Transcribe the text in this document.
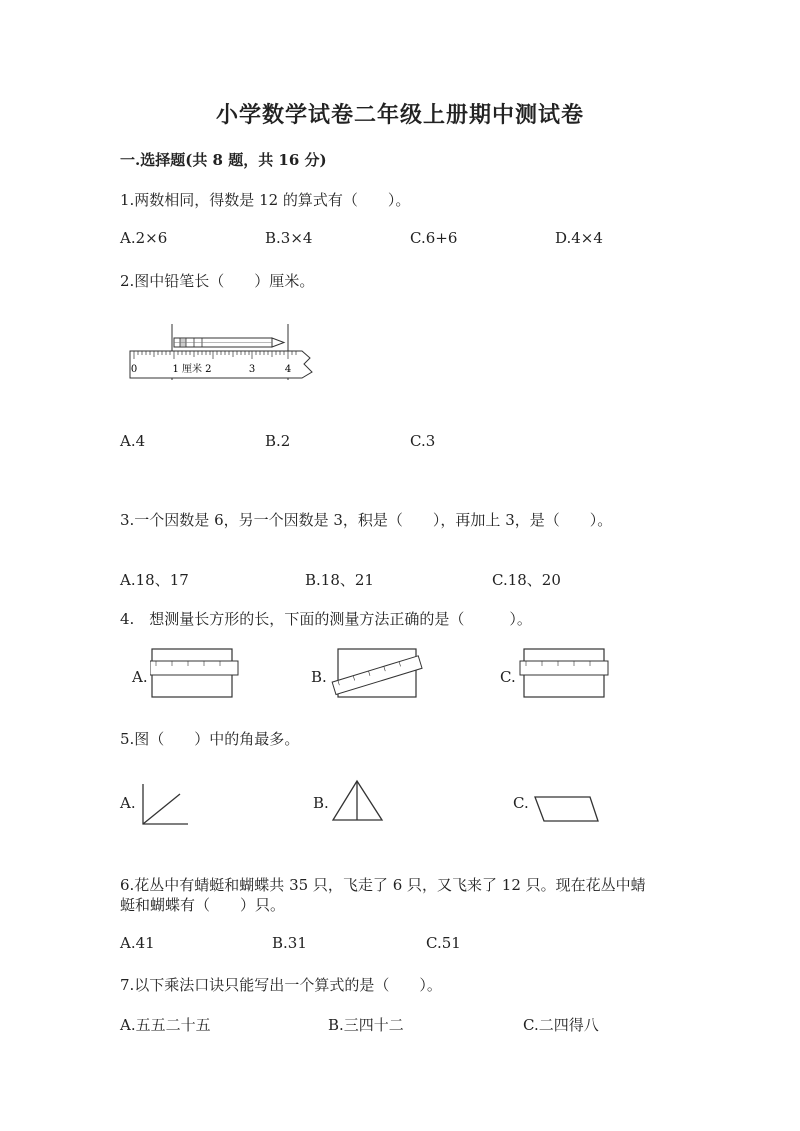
小学数学试卷二年级上册期中测试卷
一.选择题(共 8 题，共 16 分)
1.两数相同，得数是 12 的算式有（　　）。
A.2×6	B.3×4	C.6+6	D.4×4
2.图中铅笔长（　　）厘米。
0	1 厘米 2	3	4
A.4	B.2	C.3
3.一个因数是 6，另一个因数是 3，积是（　　），再加上 3，是（　　）。
A.18、17	B.18、21	C.18、20
4.　想测量长方形的长，下面的测量方法正确的是（　　　）。
A.	B.	C.
5.图（　　）中的角最多。
A.	B.	C.
6.花丛中有蜻蜓和蝴蝶共 35 只，飞走了 6 只，又飞来了 12 只。现在花丛中蜻
蜓和蝴蝶有（　　）只。
A.41	B.31	C.51
7.以下乘法口诀只能写出一个算式的是（　　）。
A.五五二十五	B.三四十二	C.二四得八
